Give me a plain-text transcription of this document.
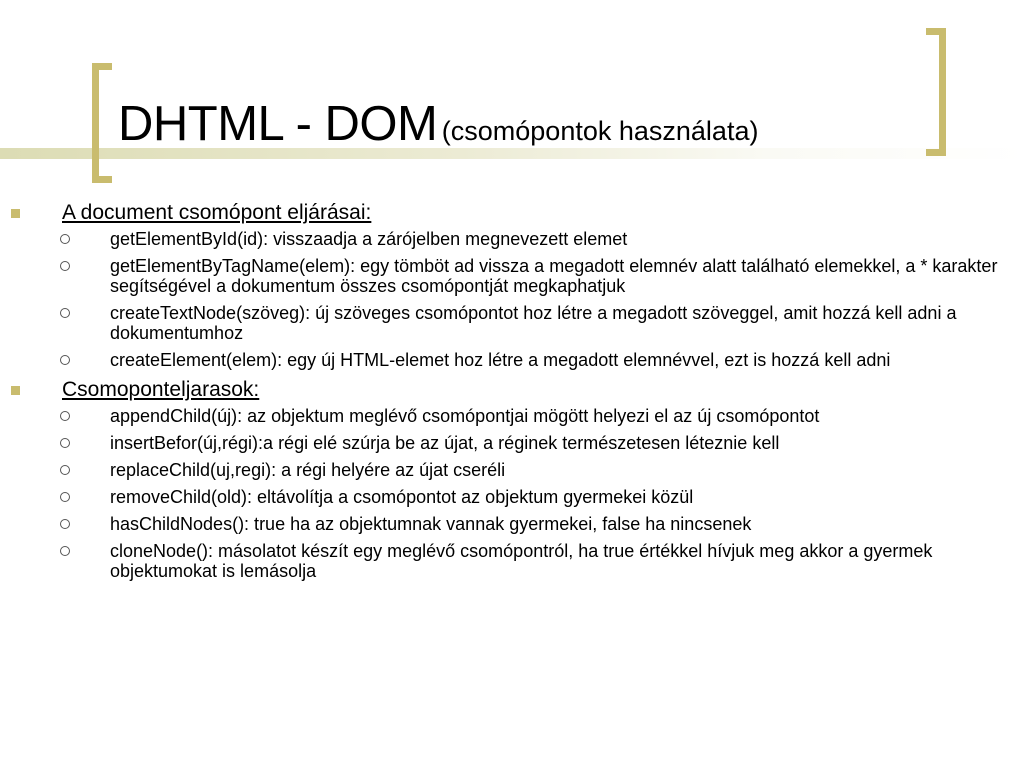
DHTML - DOM (csomópontok használata)
A document csomópont eljárásai:
getElementById(id): visszaadja a zárójelben megnevezett elemet
getElementByTagName(elem): egy tömböt ad vissza a megadott elemnév alatt található elemekkel, a * karakter segítségével a dokumentum összes csomópontját megkaphatjuk
createTextNode(szöveg): új szöveges csomópontot hoz létre a megadott szöveggel, amit hozzá kell adni a dokumentumhoz
createElement(elem): egy új HTML-elemet hoz létre a megadott elemnévvel, ezt is hozzá kell adni
Csomoponteljarasok:
appendChild(új): az objektum meglévő csomópontjai mögött helyezi el az új csomópontot
insertBefor(új,régi):a régi elé szúrja be az újat, a réginek természetesen léteznie kell
replaceChild(uj,regi): a régi helyére az újat cseréli
removeChild(old): eltávolítja a csomópontot az objektum gyermekei közül
hasChildNodes(): true ha az objektumnak vannak gyermekei, false ha nincsenek
cloneNode(): másolatot készít egy meglévő csomópontról, ha true értékkel hívjuk meg akkor a gyermek objektumokat is lemásolja
